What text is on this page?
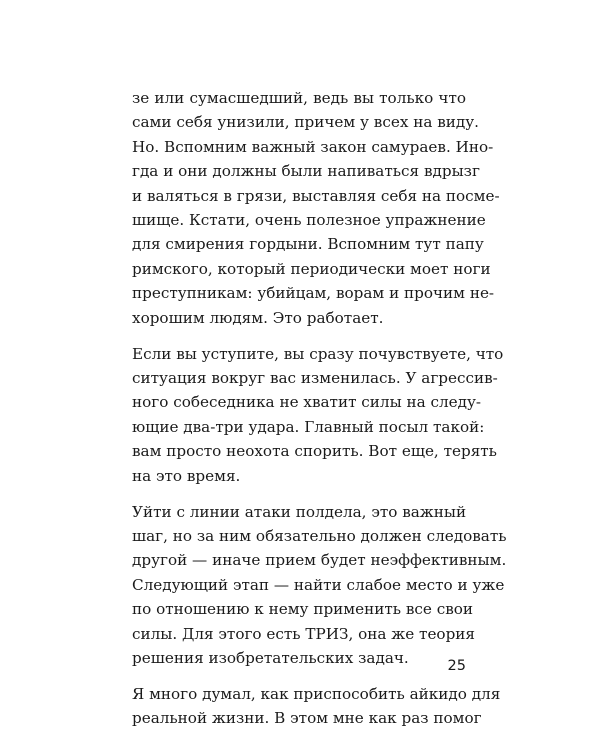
зе или сумасшедший, ведь вы только что
сами себя унизили, причем у всех на виду.
Но. Вспомним важный закон самураев. Ино-
гда и они должны были напиваться вдрызг
и валяться в грязи, выставляя себя на посме-
шище. Кстати, очень полезное упражнение
для смирения гордыни. Вспомним тут папу
римского, который периодически моет ноги
преступникам: убийцам, ворам и прочим не-
хорошим людям. Это работает.
Если вы уступите, вы сразу почувствуете, что
ситуация вокруг вас изменилась. У агрессив-
ного собеседника не хватит силы на следу-
ющие два-три удара. Главный посыл такой:
вам просто неохота спорить. Вот еще, терять
на это время.
Уйти с линии атаки полдела, это важный
шаг, но за ним обязательно должен следовать
другой — иначе прием будет неэффективным.
Следующий этап — найти слабое место и уже
по отношению к нему применить все свои
силы. Для этого есть ТРИЗ, она же теория
решения изобретательских задач.
Я много думал, как приспособить айкидо для
реальной жизни. В этом мне как раз помог
25
